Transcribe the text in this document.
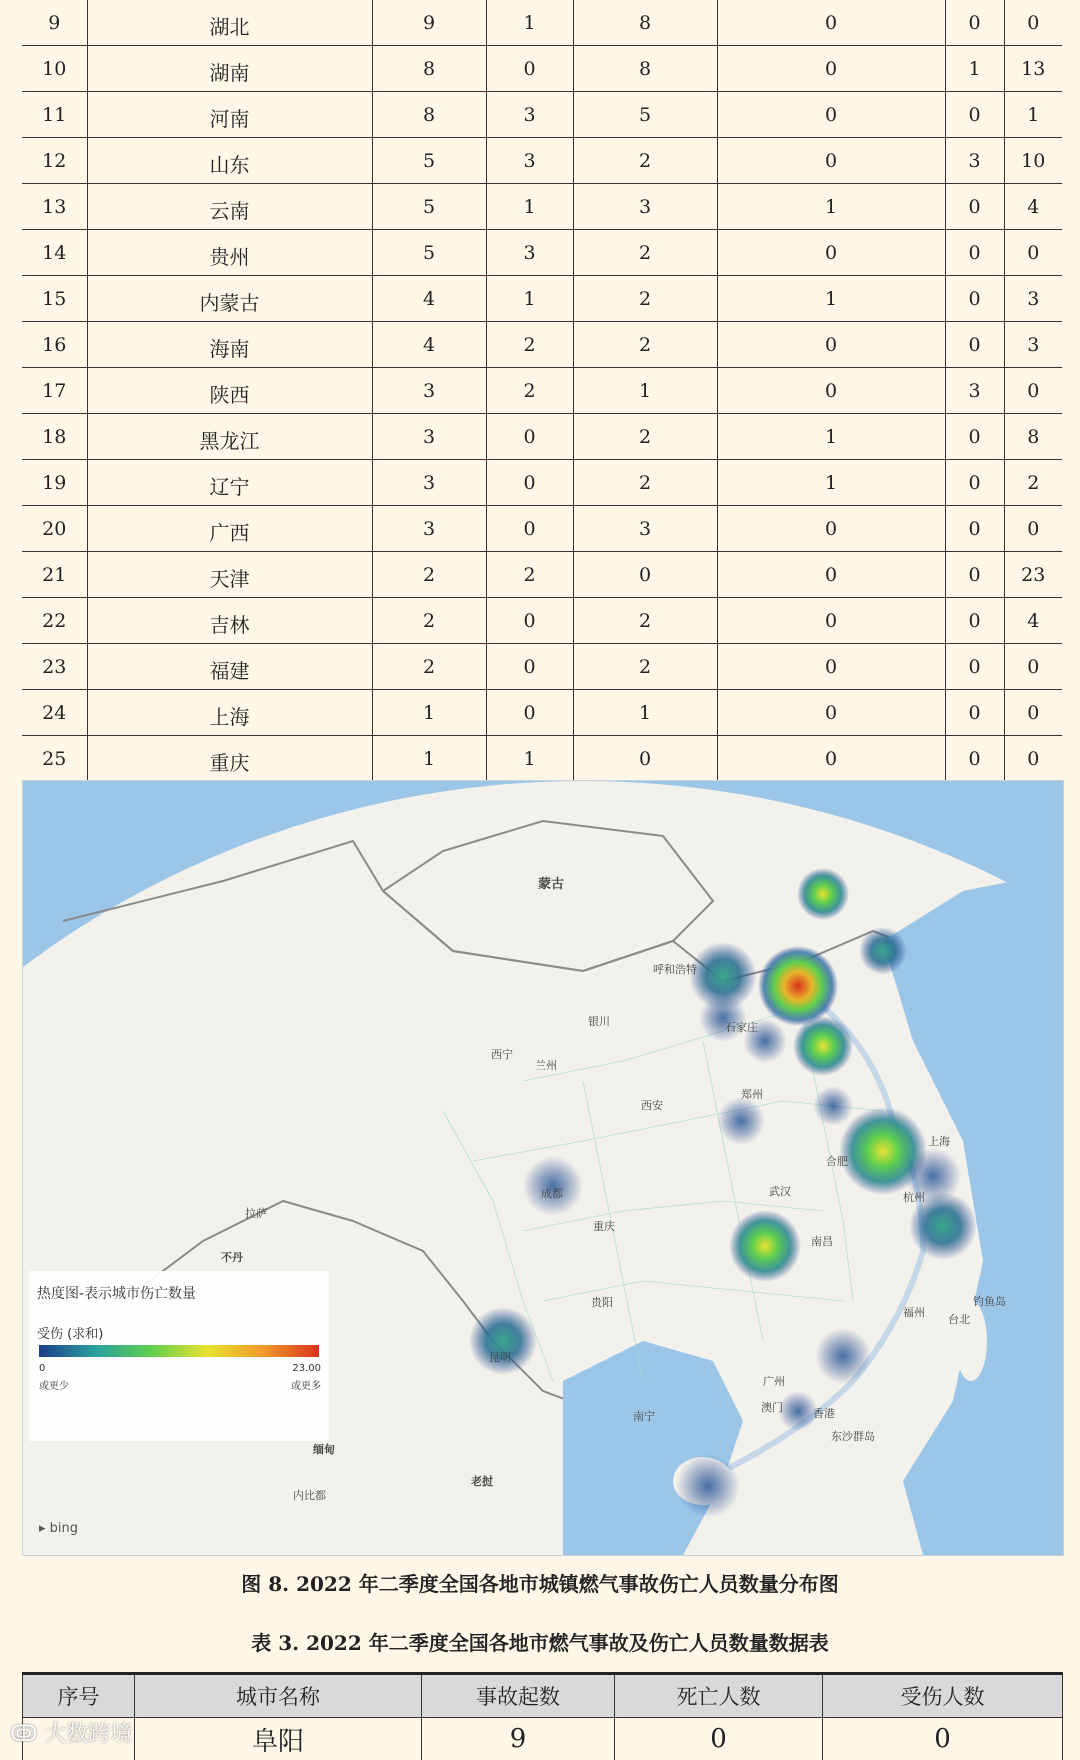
9	湖北	9	1	8	0	0	0
10	湖南	8	0	8	0	1	13
11	河南	8	3	5	0	0	1
12	山东	5	3	2	0	3	10
13	云南	5	1	3	1	0	4
14	贵州	5	3	2	0	0	0
15	内蒙古	4	1	2	1	0	3
16	海南	4	2	2	0	0	3
17	陕西	3	2	1	0	3	0
18	黑龙江	3	0	2	1	0	8
19	辽宁	3	0	2	1	0	2
20	广西	3	0	3	0	0	0
21	天津	2	2	0	0	0	23
22	吉林	2	0	2	0	0	4
23	福建	2	0	2	0	0	0
24	上海	1	0	1	0	0	0
25	重庆	1	1	0	0	0	0

蒙古
西宁
兰州
银川
呼和浩特
石家庄
郑州
西安
成都
重庆
武汉
合肥
杭州
南昌
贵阳
福州
台北
广州
澳门	香港
南宁
拉萨
昆明
缅甸
老挝
不丹
内比都
上海
东沙群岛
钓鱼岛
热度图-表示城市伤亡数量
受伤 (求和)
0	23.00
或更少	或更多
▸ bing
图 8. 2022 年二季度全国各地市城镇燃气事故伤亡人员数量分布图
表 3. 2022 年二季度全国各地市燃气事故及伤亡人员数量数据表
序号	城市名称	事故起数	死亡人数	受伤人数
	阜阳	9	0	0
ↂ 大数跨境
